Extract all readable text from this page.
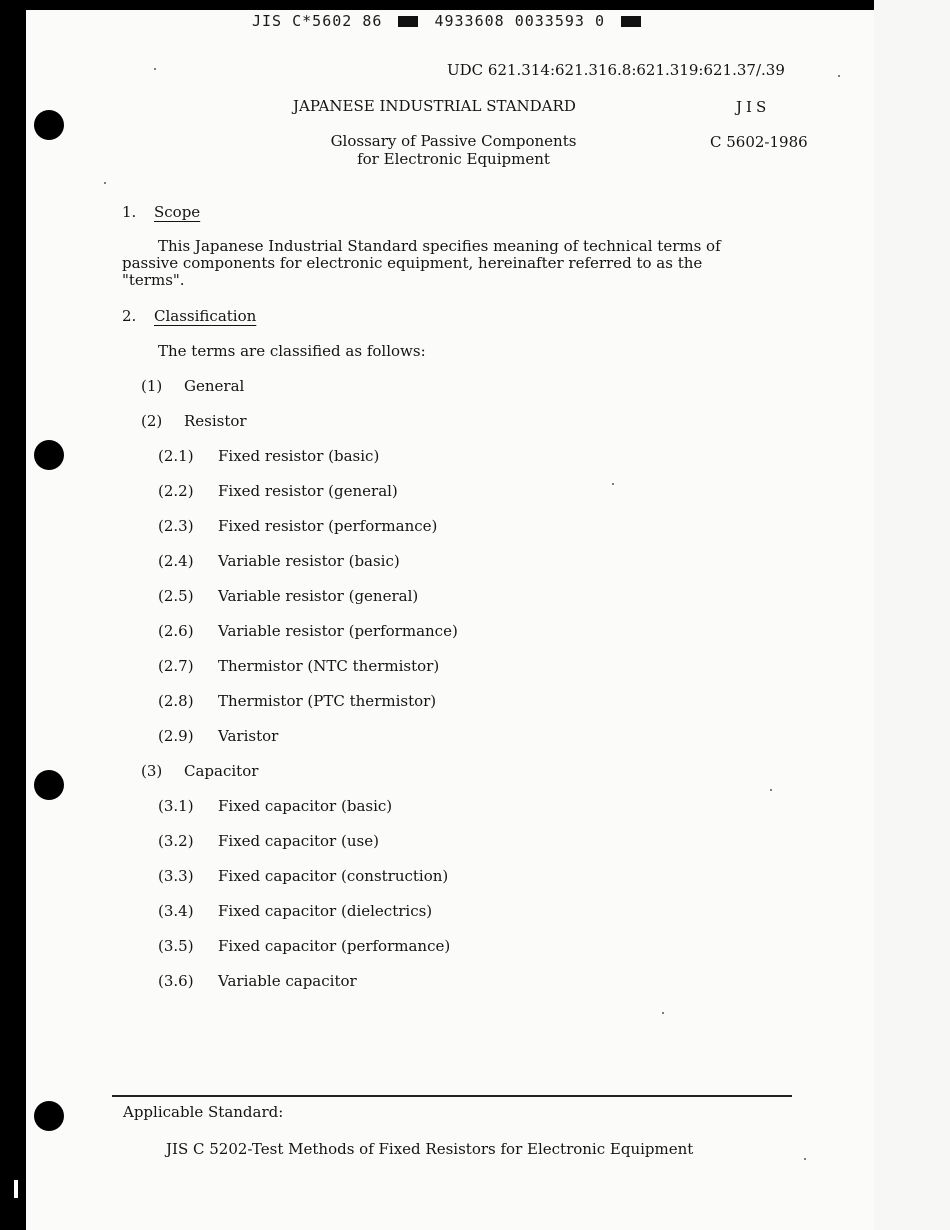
JIS C*5602 86	4933608 0033593 0
UDC 621.314:621.316.8:621.319:621.37/.39
JAPANESE INDUSTRIAL STANDARD	JIS
Glossary of Passive Components
for Electronic Equipment
C 5602-1986
1. Scope
This Japanese Industrial Standard specifies meaning of technical terms of passive components for electronic equipment, hereinafter referred to as the "terms".
2. Classification
The terms are classified as follows:
(1) General
(2) Resistor
(2.1) Fixed resistor (basic)
(2.2) Fixed resistor (general)
(2.3) Fixed resistor (performance)
(2.4) Variable resistor (basic)
(2.5) Variable resistor (general)
(2.6) Variable resistor (performance)
(2.7) Thermistor (NTC thermistor)
(2.8) Thermistor (PTC thermistor)
(2.9) Varistor
(3) Capacitor
(3.1) Fixed capacitor (basic)
(3.2) Fixed capacitor (use)
(3.3) Fixed capacitor (construction)
(3.4) Fixed capacitor (dielectrics)
(3.5) Fixed capacitor (performance)
(3.6) Variable capacitor
Applicable Standard:
JIS C 5202-Test Methods of Fixed Resistors for Electronic Equipment
